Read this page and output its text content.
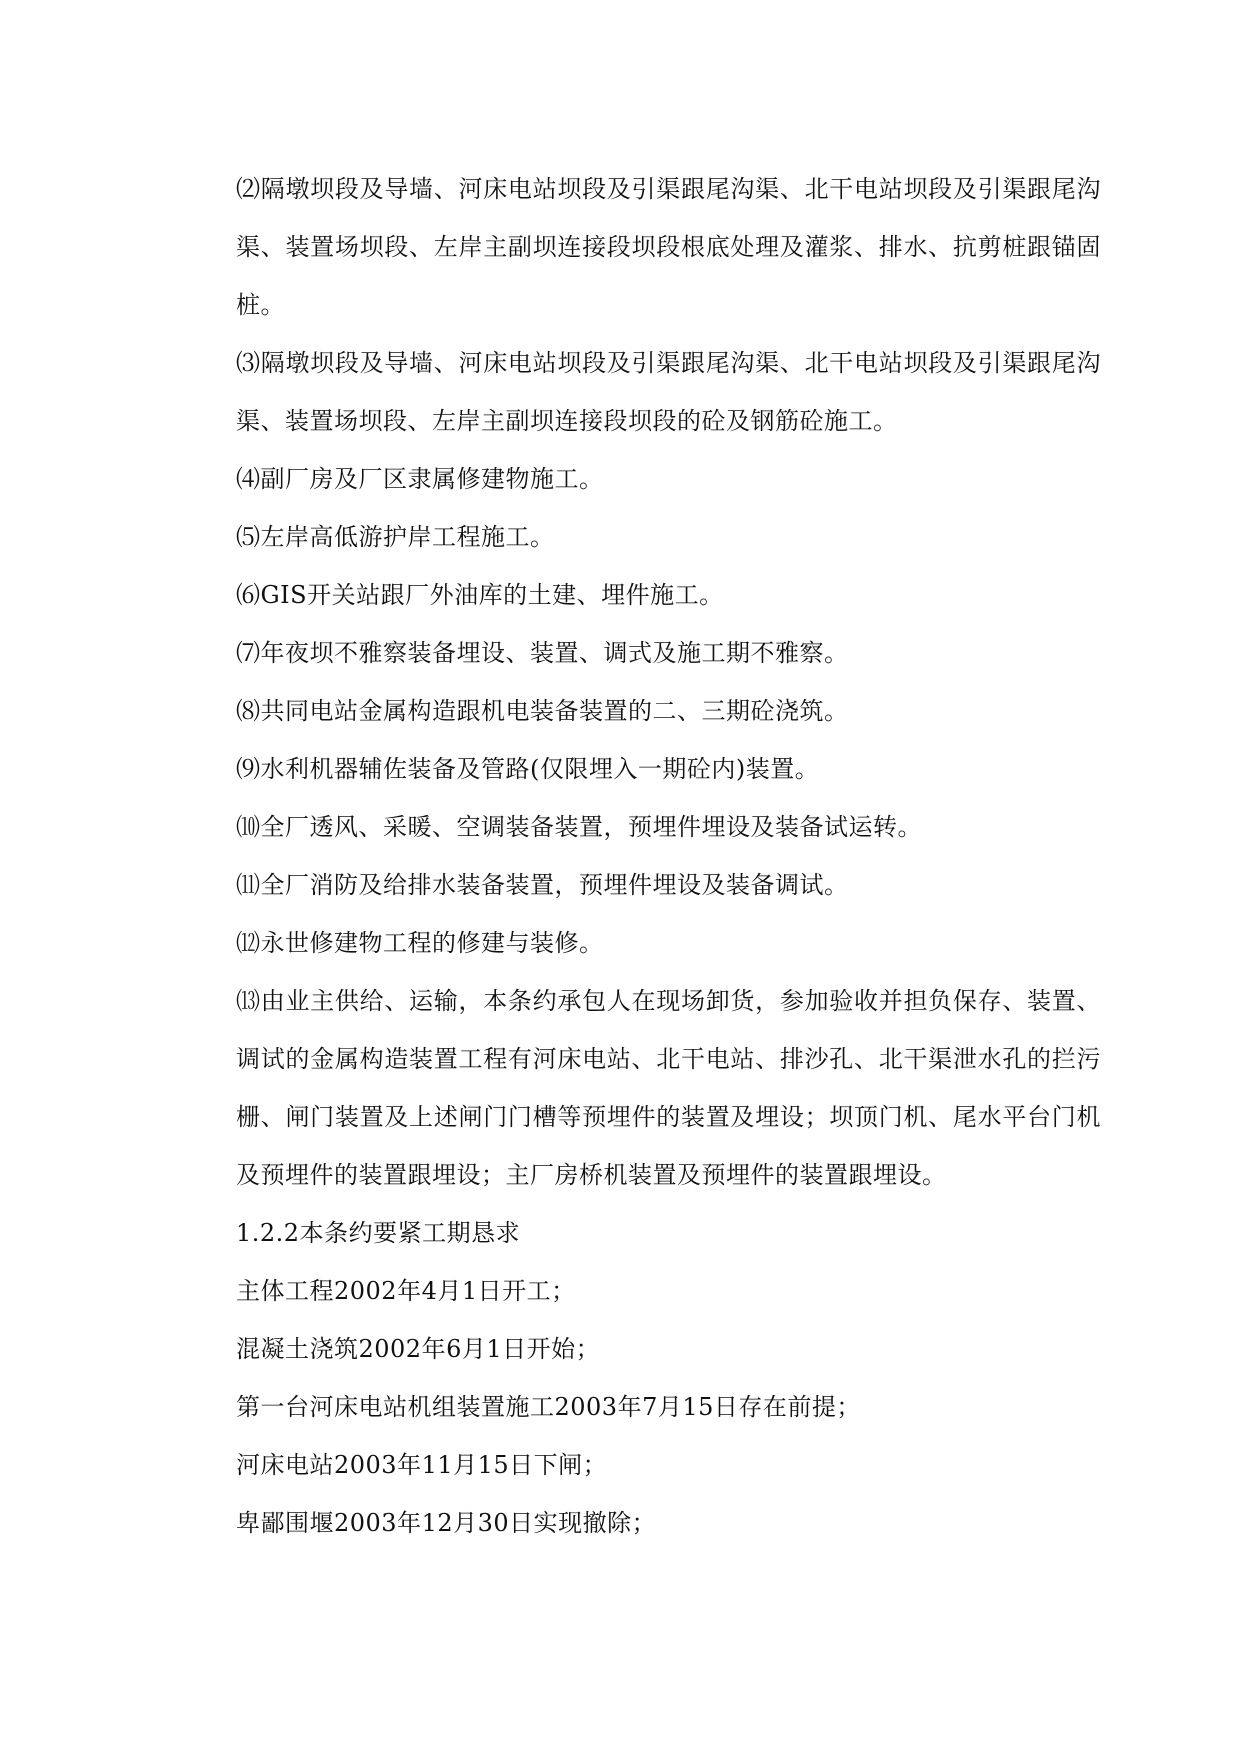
⑵隔墩坝段及导墙、河床电站坝段及引渠跟尾沟渠、北干电站坝段及引渠跟尾沟渠、装置场坝段、左岸主副坝连接段坝段根底处理及灌浆、排水、抗剪桩跟锚固桩。

⑶隔墩坝段及导墙、河床电站坝段及引渠跟尾沟渠、北干电站坝段及引渠跟尾沟渠、装置场坝段、左岸主副坝连接段坝段的砼及钢筋砼施工。

⑷副厂房及厂区隶属修建物施工。

⑸左岸高低游护岸工程施工。

⑹GIS开关站跟厂外油库的土建、埋件施工。

⑺年夜坝不雅察装备埋设、装置、调式及施工期不雅察。

⑻共同电站金属构造跟机电装备装置的二、三期砼浇筑。

⑼水利机器辅佐装备及管路(仅限埋入一期砼内)装置。

⑽全厂透风、采暖、空调装备装置，预埋件埋设及装备试运转。

⑾全厂消防及给排水装备装置，预埋件埋设及装备调试。

⑿永世修建物工程的修建与装修。

⒀由业主供给、运输，本条约承包人在现场卸货，参加验收并担负保存、装置、调试的金属构造装置工程有河床电站、北干电站、排沙孔、北干渠泄水孔的拦污栅、闸门装置及上述闸门门槽等预埋件的装置及埋设；坝顶门机、尾水平台门机及预埋件的装置跟埋设；主厂房桥机装置及预埋件的装置跟埋设。

1.2.2本条约要紧工期恳求

主体工程2002年4月1日开工；

混凝土浇筑2002年6月1日开始；

第一台河床电站机组装置施工2003年7月15日存在前提；

河床电站2003年11月15日下闸；

卑鄙围堰2003年12月30日实现撤除；
